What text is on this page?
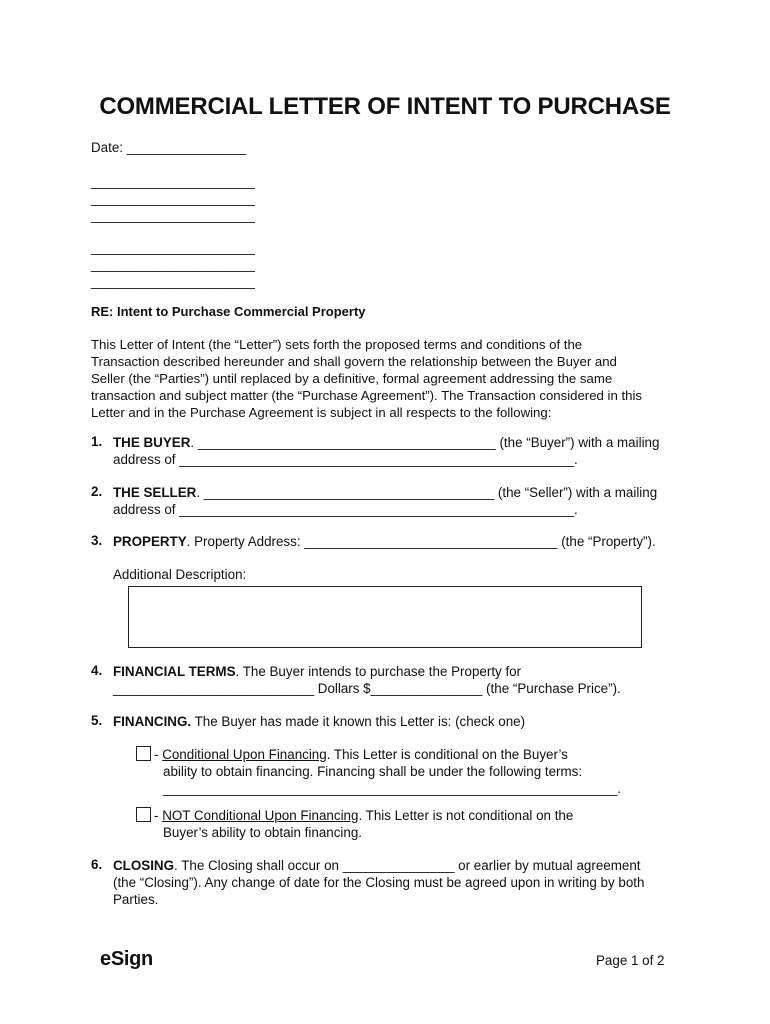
COMMERCIAL LETTER OF INTENT TO PURCHASE
Date: ________________
______________________
______________________
______________________
______________________
______________________
______________________
RE: Intent to Purchase Commercial Property
This Letter of Intent (the “Letter”) sets forth the proposed terms and conditions of the
Transaction described hereunder and shall govern the relationship between the Buyer and
Seller (the “Parties”) until replaced by a definitive, formal agreement addressing the same
transaction and subject matter (the “Purchase Agreement”). The Transaction considered in this
Letter and in the Purchase Agreement is subject in all respects to the following:
1. THE BUYER. ________________________________________ (the “Buyer”) with a mailing
address of _____________________________________________________.
2. THE SELLER. _______________________________________ (the “Seller”) with a mailing
address of _____________________________________________________.
3. PROPERTY. Property Address: __________________________________ (the “Property”).
Additional Description:
4. FINANCIAL TERMS. The Buyer intends to purchase the Property for
___________________________ Dollars $_______________ (the “Purchase Price”).
5. FINANCING. The Buyer has made it known this Letter is: (check one)
- Conditional Upon Financing. This Letter is conditional on the Buyer’s
ability to obtain financing. Financing shall be under the following terms:
_____________________________________________________________.
- NOT Conditional Upon Financing. This Letter is not conditional on the
Buyer’s ability to obtain financing.
6. CLOSING. The Closing shall occur on _______________ or earlier by mutual agreement
(the “Closing”). Any change of date for the Closing must be agreed upon in writing by both
Parties.
eSign	Page 1 of 2
